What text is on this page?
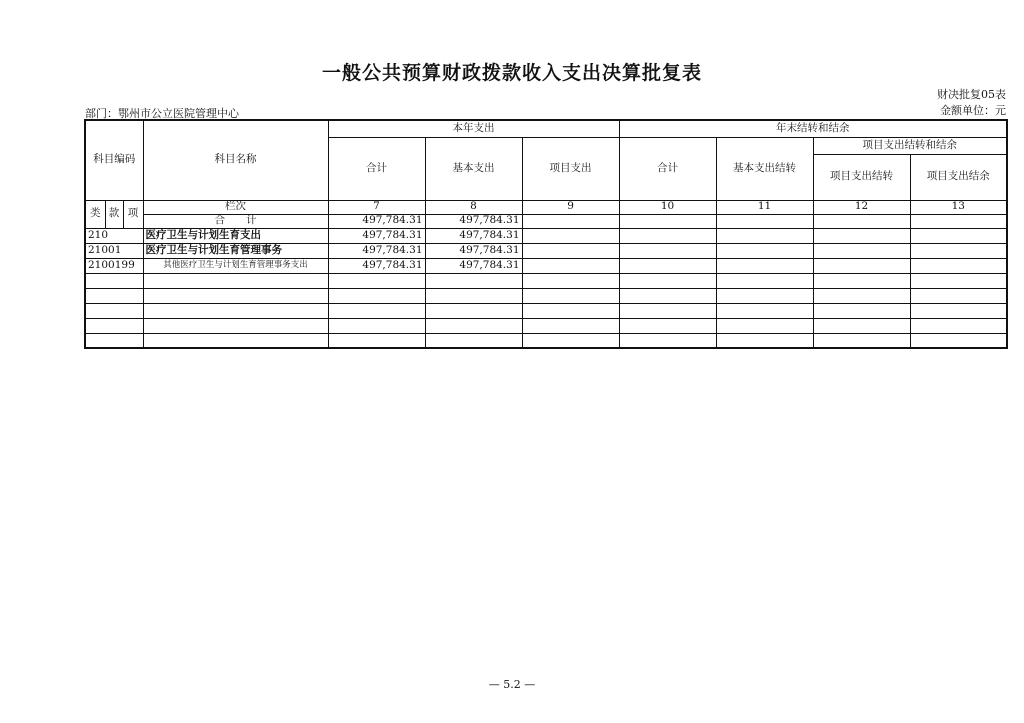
一般公共预算财政拨款收入支出决算批复表
财决批复05表
金额单位：元
部门：鄂州市公立医院管理中心
科目编码			科目名称	本年支出			年末结转和结余			
				合计	基本支出	项目支出	合计	基本支出结转	项目支出结转和结余	
									项目支出结转	项目支出结余
类	款	项	栏次	7	8	9	10	11	12	13
			合　　计	497,784.31	497,784.31					
210			医疗卫生与计划生育支出	497,784.31	497,784.31					
21001			医疗卫生与计划生育管理事务	497,784.31	497,784.31					
2100199			其他医疗卫生与计划生育管理事务支出	497,784.31	497,784.31					

— 5.2 —
